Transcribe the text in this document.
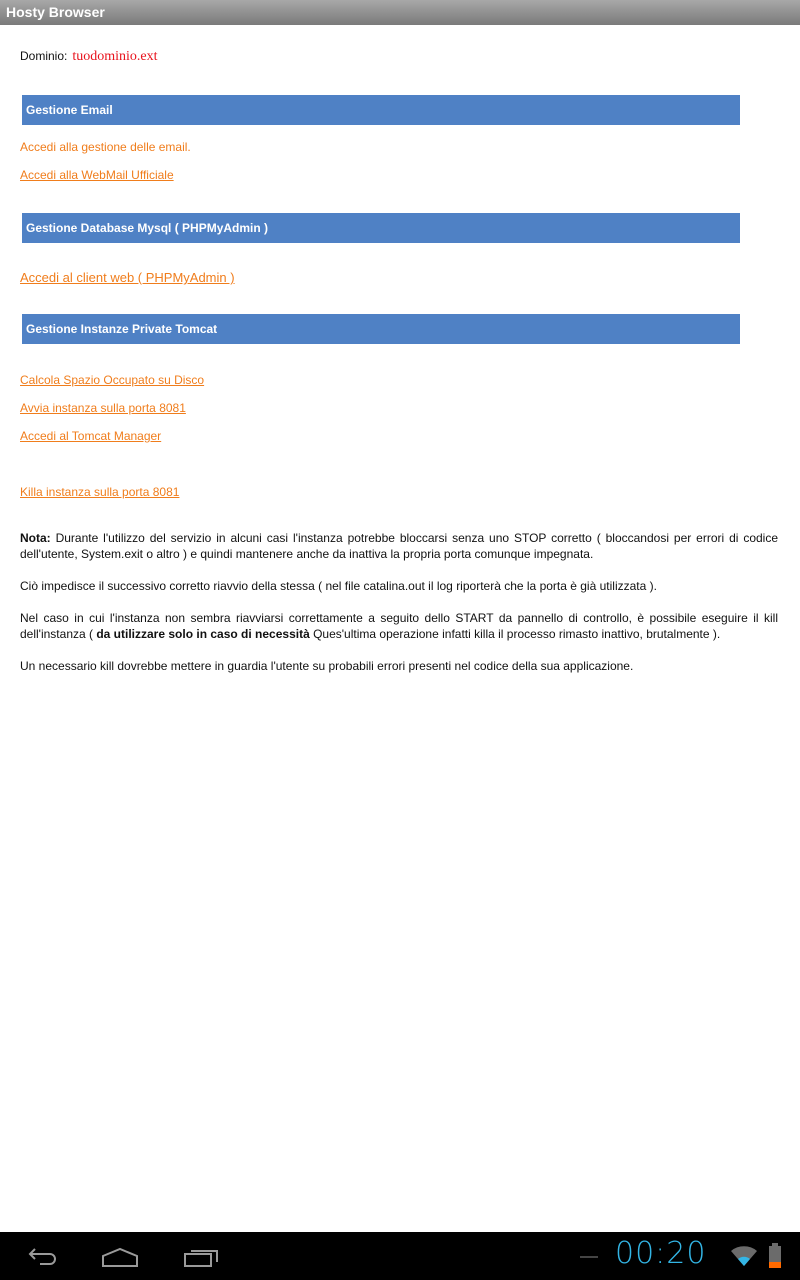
Hosty Browser
Dominio: tuodominio.ext
Gestione Email
Accedi alla gestione delle email.
Accedi alla WebMail Ufficiale
Gestione Database Mysql ( PHPMyAdmin )
Accedi al client web ( PHPMyAdmin )
Gestione Instanze Private Tomcat
Calcola Spazio Occupato su Disco
Avvia instanza sulla porta 8081
Accedi al Tomcat Manager
Killa instanza sulla porta 8081

Nota: Durante l'utilizzo del servizio in alcuni casi l'instanza potrebbe bloccarsi senza uno STOP corretto ( bloccandosi per errori di codice dell'utente, System.exit o altro ) e quindi mantenere anche da inattiva la propria porta comunque impegnata.

Ciò impedisce il successivo corretto riavvio della stessa ( nel file catalina.out il log riporterà che la porta è già utilizzata ).

Nel caso in cui l'instanza non sembra riavviarsi correttamente a seguito dello START da pannello di controllo, è possibile eseguire il kill dell'instanza ( da utilizzare solo in caso di necessità Ques'ultima operazione infatti killa il processo rimasto inattivo, brutalmente ).

Un necessario kill dovrebbe mettere in guardia l'utente su probabili errori presenti nel codice della sua applicazione.

00:20
